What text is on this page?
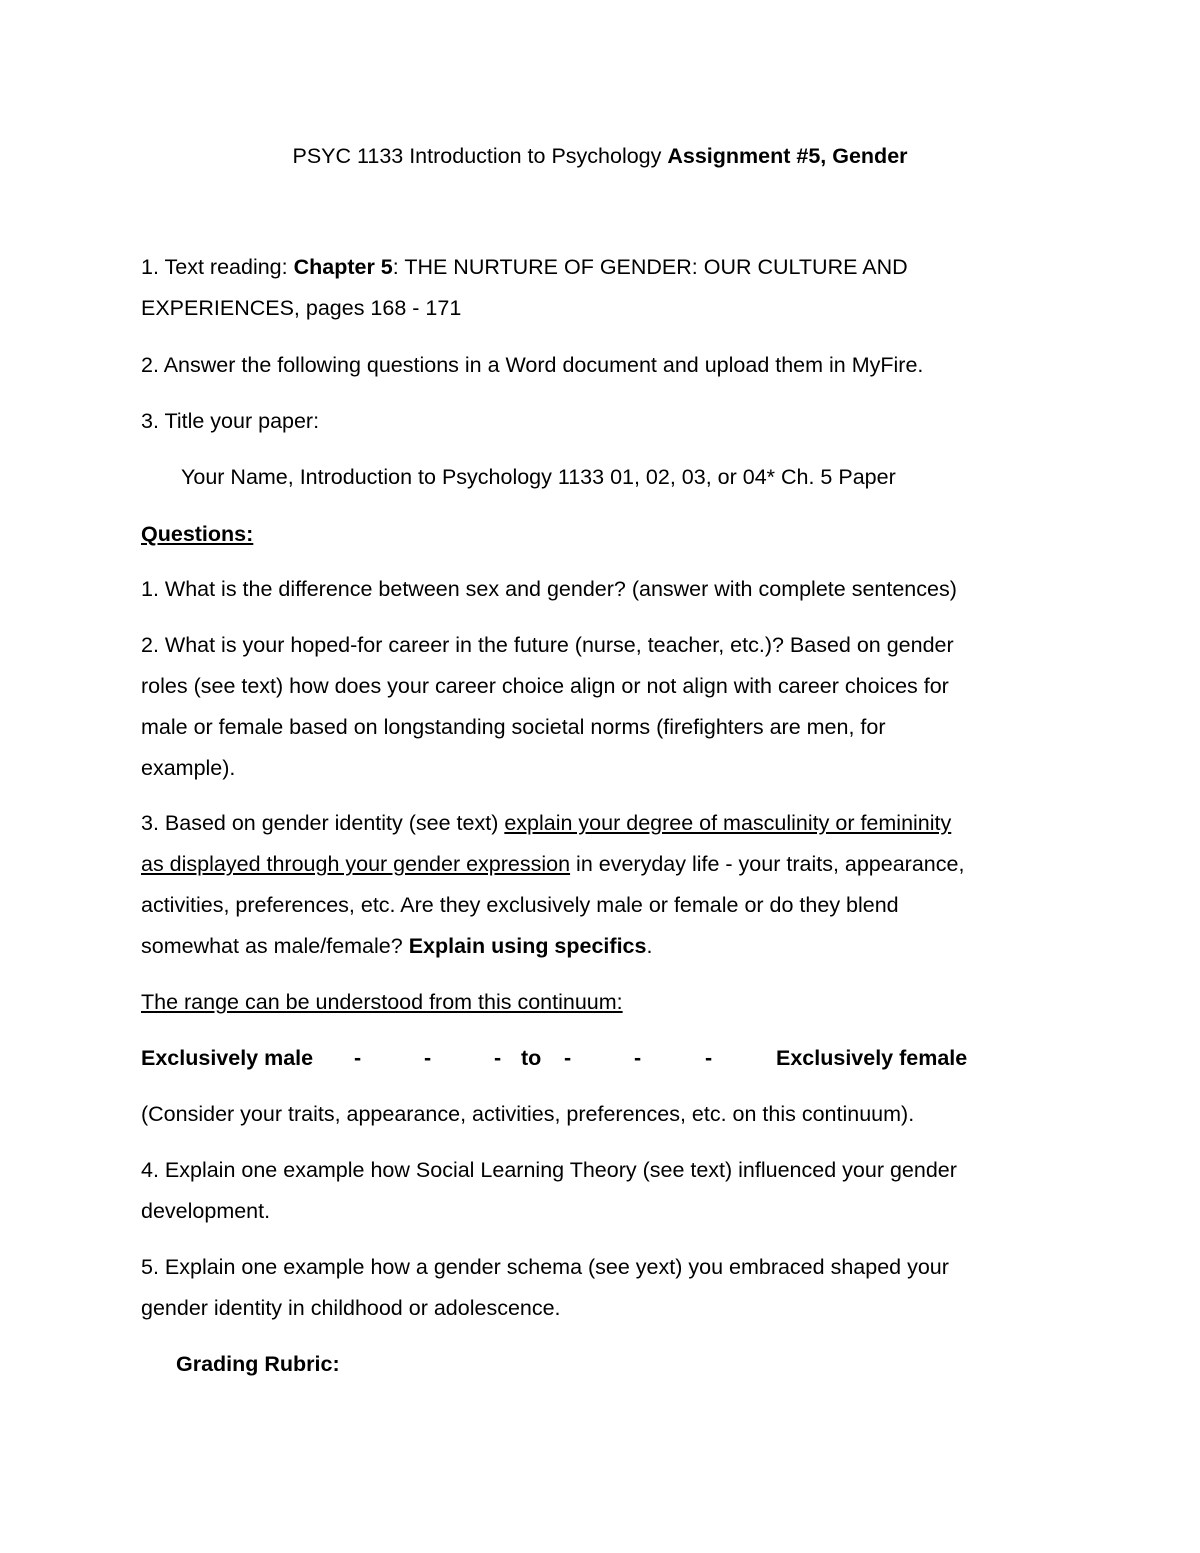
PSYC 1133 Introduction to Psychology Assignment #5, Gender
1. Text reading: Chapter 5: THE NURTURE OF GENDER: OUR CULTURE AND
EXPERIENCES, pages 168 - 171
2. Answer the following questions in a Word document and upload them in MyFire.
3. Title your paper:
Your Name, Introduction to Psychology 1133 01, 02, 03, or 04* Ch. 5 Paper
Questions:
1. What is the difference between sex and gender? (answer with complete sentences)
2. What is your hoped-for career in the future (nurse, teacher, etc.)? Based on gender
roles (see text) how does your career choice align or not align with career choices for
male or female based on longstanding societal norms (firefighters are men, for
example).
3. Based on gender identity (see text) explain your degree of masculinity or femininity
as displayed through your gender expression in everyday life - your traits, appearance,
activities, preferences, etc. Are they exclusively male or female or do they blend
somewhat as male/female? Explain using specifics.
The range can be understood from this continuum:
Exclusively male -	-	- to -	-	-	Exclusively female
(Consider your traits, appearance, activities, preferences, etc. on this continuum).
4. Explain one example how Social Learning Theory (see text) influenced your gender
development.
5. Explain one example how a gender schema (see yext) you embraced shaped your
gender identity in childhood or adolescence.
Grading Rubric:
